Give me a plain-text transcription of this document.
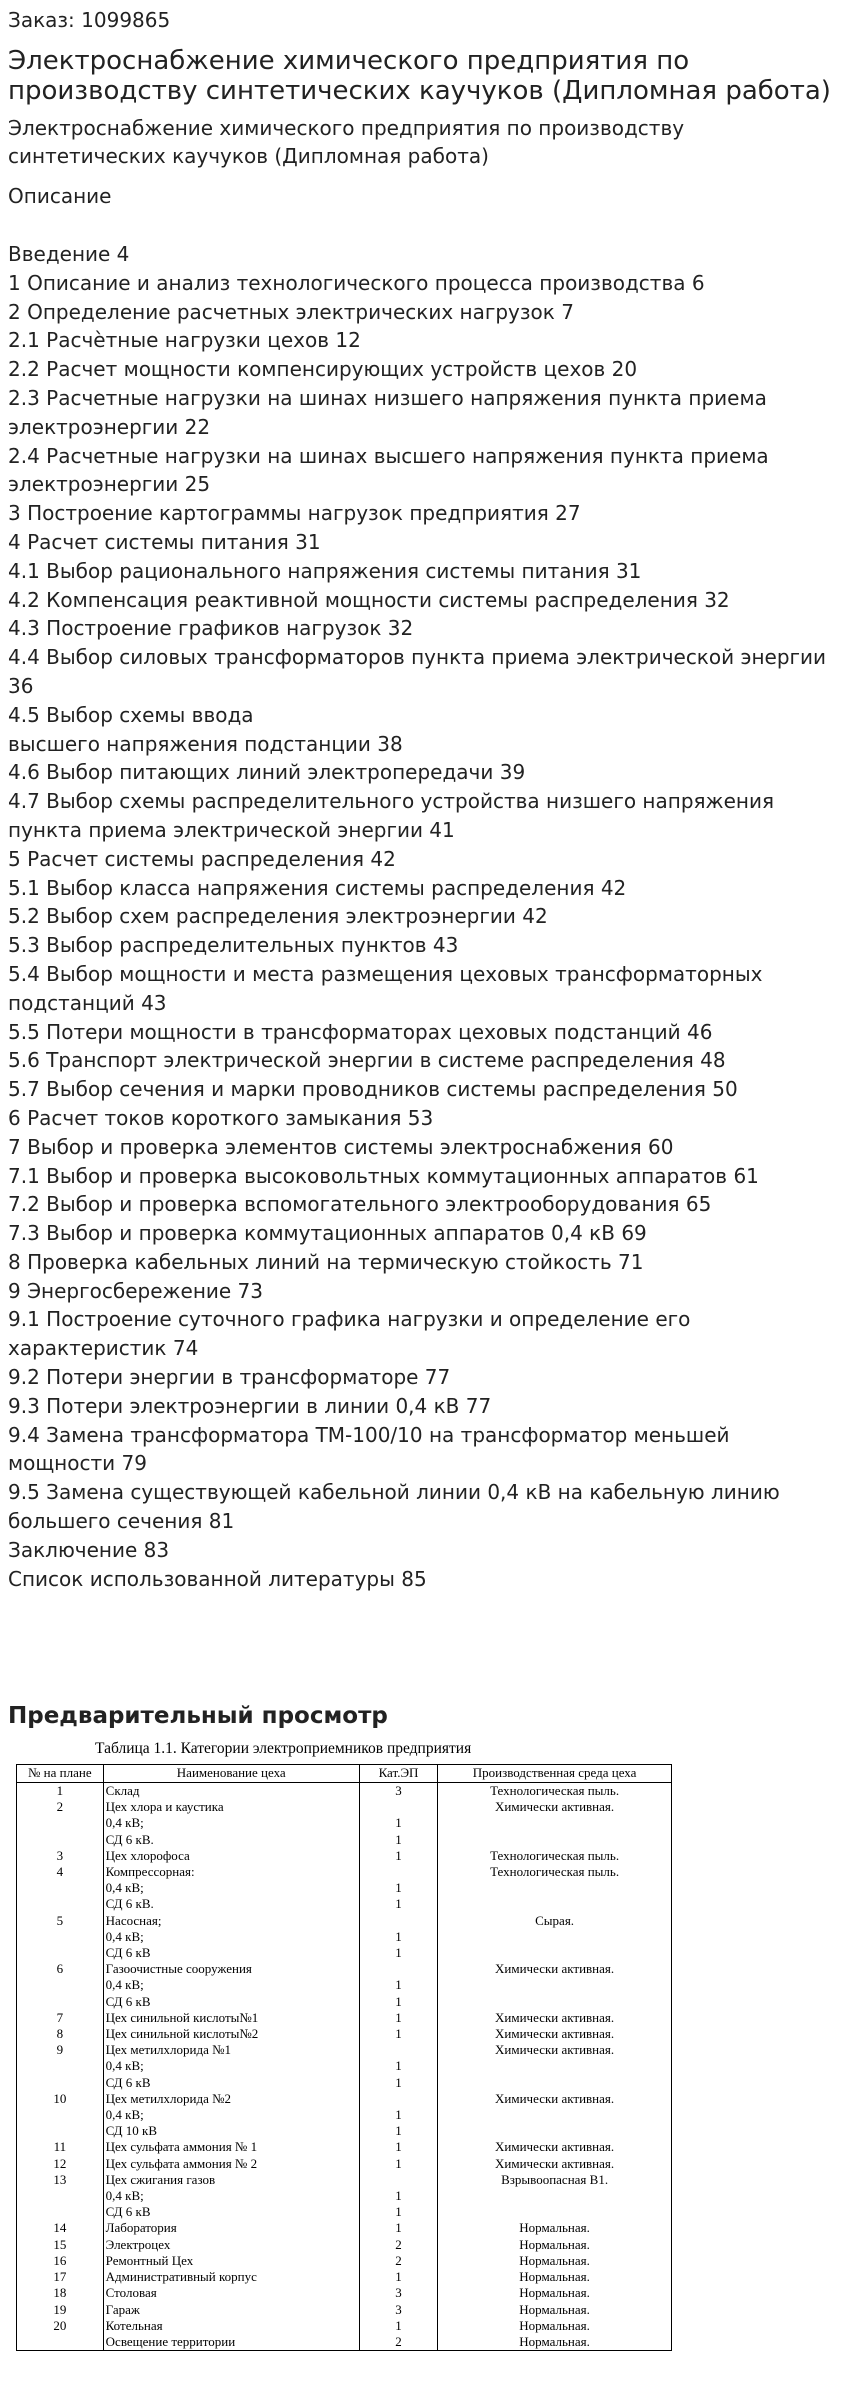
Заказ: 1099865
Электроснабжение химического предприятия по производству синтетических каучуков (Дипломная работа)
Электроснабжение химического предприятия по производству синтетических каучуков (Дипломная работа)
Описание
Введение 4
1 Описание и анализ технологического процесса производства 6
2 Определение расчетных электрических нагрузок 7
2.1 Расчѐтные нагрузки цехов 12
2.2 Расчет мощности компенсирующих устройств цехов 20
2.3 Расчетные нагрузки на шинах низшего напряжения пункта приема электроэнергии 22
2.4 Расчетные нагрузки на шинах высшего напряжения пункта приема электроэнергии 25
3 Построение картограммы нагрузок предприятия 27
4 Расчет системы питания 31
4.1 Выбор рационального напряжения системы питания 31
4.2 Компенсация реактивной мощности системы распределения 32
4.3 Построение графиков нагрузок 32
4.4 Выбор силовых трансформаторов пункта приема электрической энергии 36
4.5 Выбор схемы ввода
высшего напряжения подстанции 38
4.6 Выбор питающих линий электропередачи 39
4.7 Выбор схемы распределительного устройства низшего напряжения пункта приема электрической энергии 41
5 Расчет системы распределения 42
5.1 Выбор класса напряжения системы распределения 42
5.2 Выбор схем распределения электроэнергии 42
5.3 Выбор распределительных пунктов 43
5.4 Выбор мощности и места размещения цеховых трансформаторных подстанций 43
5.5 Потери мощности в трансформаторах цеховых подстанций 46
5.6 Транспорт электрической энергии в системе распределения 48
5.7 Выбор сечения и марки проводников системы распределения 50
6 Расчет токов короткого замыкания 53
7 Выбор и проверка элементов системы электроснабжения 60
7.1 Выбор и проверка высоковольтных коммутационных аппаратов 61
7.2 Выбор и проверка вспомогательного электрооборудования 65
7.3 Выбор и проверка коммутационных аппаратов 0,4 кВ 69
8 Проверка кабельных линий на термическую стойкость 71
9 Энергосбережение 73
9.1 Построение суточного графика нагрузки и определение его характеристик 74
9.2 Потери энергии в трансформаторе 77
9.3 Потери электроэнергии в линии 0,4 кВ 77
9.4 Замена трансформатора ТМ-100/10 на трансформатор меньшей мощности 79
9.5 Замена существующей кабельной линии 0,4 кВ на кабельную линию большего сечения 81
Заключение 83
Список использованной литературы 85
Предварительный просмотр
Таблица 1.1. Категории электроприемников предприятия
№ на плане	Наименование цеха	Кат.ЭП	Производственная среда цеха
1	Склад	3	Технологическая пыль.
2	Цех хлора и каустика		Химически активная.
	0,4 кВ;	1	
	СД 6 кВ.	1	
3	Цех хлорофоса	1	Технологическая пыль.
4	Компрессорная:		Технологическая пыль.
	0,4 кВ;	1	
	СД 6 кВ.	1	
5	Насосная;		Сырая.
	0,4 кВ;	1	
	СД 6 кВ	1	
6	Газоочистные сооружения		Химически активная.
	0,4 кВ;	1	
	СД 6 кВ	1	
7	Цех синильной кислоты№1	1	Химически активная.
8	Цех синильной кислоты№2	1	Химически активная.
9	Цех метилхлорида №1		Химически активная.
	0,4 кВ;	1	
	СД 6 кВ	1	
10	Цех метилхлорида №2		Химически активная.
	0,4 кВ;	1	
	СД 10 кВ	1	
11	Цех сульфата аммония № 1	1	Химически активная.
12	Цех сульфата аммония № 2	1	Химически активная.
13	Цех сжигания газов		Взрывоопасная В1.
	0,4 кВ;	1	
	СД 6 кВ	1	
14	Лаборатория	1	Нормальная.
15	Электроцех	2	Нормальная.
16	Ремонтный Цех	2	Нормальная.
17	Административный корпус	1	Нормальная.
18	Столовая	3	Нормальная.
19	Гараж	3	Нормальная.
20	Котельная	1	Нормальная.
	Освещение территории	2	Нормальная.
